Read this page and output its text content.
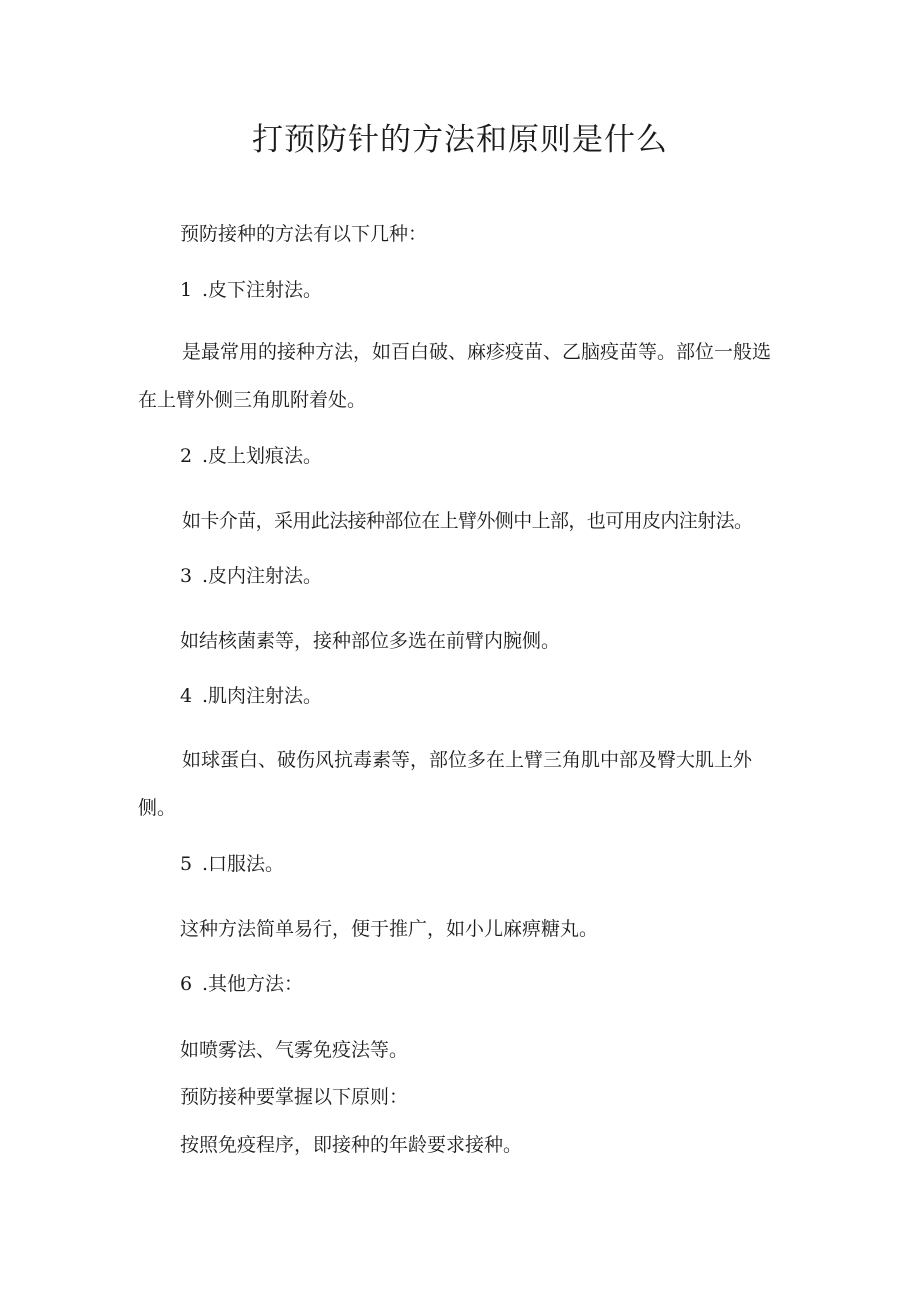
打预防针的方法和原则是什么

预防接种的方法有以下几种：

1 .皮下注射法。

是最常用的接种方法，如百白破、麻疹疫苗、乙脑疫苗等。部位一般选在上臂外侧三角肌附着处。

2 .皮上划痕法。

如卡介苗，采用此法接种部位在上臂外侧中上部，也可用皮内注射法。

3 .皮内注射法。

如结核菌素等，接种部位多选在前臂内腕侧。

4 .肌肉注射法。

如球蛋白、破伤风抗毒素等，部位多在上臂三角肌中部及臀大肌上外侧。

5 .口服法。

这种方法简单易行，便于推广，如小儿麻痹糖丸。

6 .其他方法：

如喷雾法、气雾免疫法等。

预防接种要掌握以下原则：

按照免疫程序，即接种的年龄要求接种。
